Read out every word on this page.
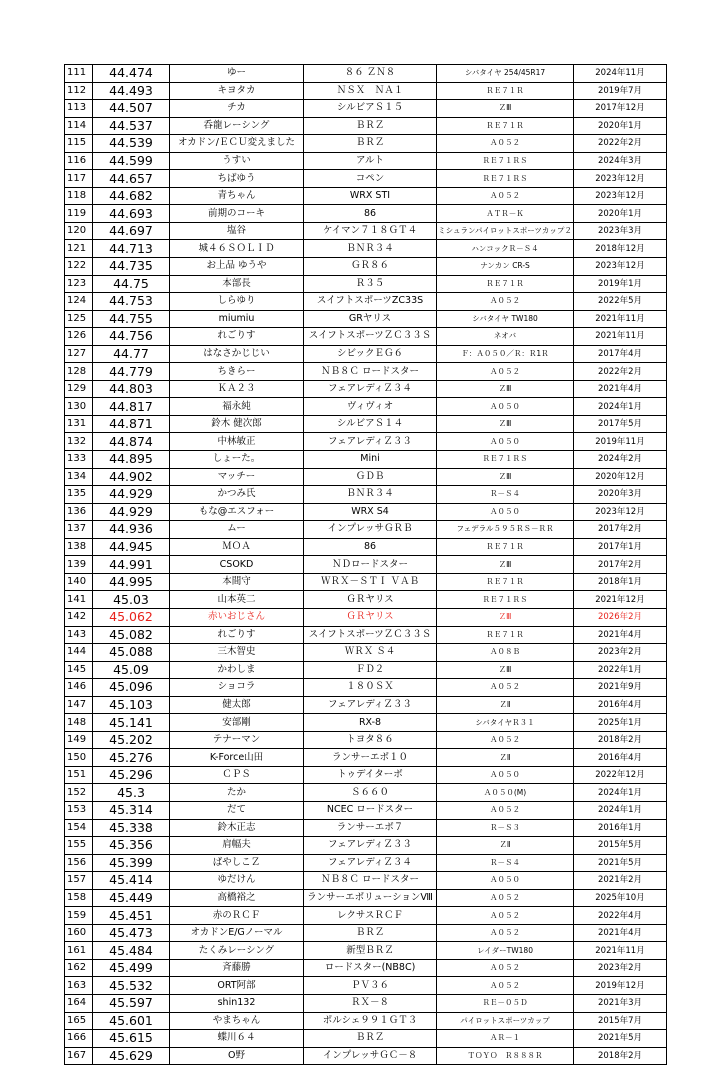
111	44.474	ゆー	８６ ＺＮ８	シバタイヤ 254/45R17	2024年11月
112	44.493	キヨタカ	ＮＳＸ　ＮＡ１	ＲＥ７１Ｒ	2019年7月
113	44.507	チカ	シルビアＳ１５	ＺⅢ	2017年12月
114	44.537	呑龍レーシング	ＢＲＺ	ＲＥ７１Ｒ	2020年1月
115	44.539	オカドン/ＥＣＵ変えました	ＢＲＺ	Ａ０５２	2022年2月
116	44.599	うすい	アルト	ＲＥ７１ＲＳ	2024年3月
117	44.657	ちばゆう	コペン	ＲＥ７１ＲＳ	2023年12月
118	44.682	青ちゃん	WRX STI	Ａ０５２	2023年12月
119	44.693	前期のコーキ	86	ＡＴＲ－Ｋ	2020年1月
120	44.697	塩谷	ケイマン７１８ＧＴ４	ミシュランパイロットスポーツカップ２	2023年3月
121	44.713	城４６ＳＯＬＩＤ	ＢＮＲ３４	ハンコックＲ－Ｓ４	2018年12月
122	44.735	お上品 ゆうや	ＧＲ８６	ナンカン CR-S	2023年12月
123	44.75	本部長	Ｒ３５	ＲＥ７１Ｒ	2019年1月
124	44.753	しらゆり	スイフトスポーツZC33S	Ａ０５２	2022年5月
125	44.755	miumiu	GRヤリス	シバタイヤ TW180	2021年11月
126	44.756	れごりす	スイフトスポーツＺＣ３３Ｓ	ネオバ	2021年11月
127	44.77	はなさかじじい	シビックＥＧ６	Ｆ：Ａ０５０／Ｒ：Ｒ1Ｒ	2017年4月
128	44.779	ちきらー	ＮＢ８Ｃ ロードスター	Ａ０５２	2022年2月
129	44.803	ＫＡ２３	フェアレディＺ３４	ＺⅢ	2021年4月
130	44.817	福永純	ヴィヴィオ	Ａ０５０	2024年1月
131	44.871	鈴木 健次郎	シルビアＳ１４	ＺⅢ	2017年5月
132	44.874	中林敏正	フェアレディＺ３３	Ａ０５０	2019年11月
133	44.895	しょーた。	Mini	ＲＥ７１ＲＳ	2024年2月
134	44.902	マッチー	ＧＤＢ	ＺⅢ	2020年12月
135	44.929	かつみ氏	ＢＮＲ３４	Ｒ－Ｓ４	2020年3月
136	44.929	もな@エスフォー	WRX S4	Ａ０５０	2023年12月
137	44.936	ムー	インプレッサＧＲＢ	フェデラル５９５ＲＳ－ＲＲ	2017年2月
138	44.945	ＭＯＡ	86	ＲＥ７１Ｒ	2017年1月
139	44.991	CSOKD	ＮＤロードスター	ＺⅢ	2017年2月
140	44.995	本間守	ＷＲＸ－ＳＴＩ ＶＡＢ	ＲＥ７１Ｒ	2018年1月
141	45.03	山本英二	ＧＲヤリス	ＲＥ７１ＲＳ	2021年12月
142	45.062	赤いおじさん	ＧＲヤリス	ＺⅢ	2026年2月
143	45.082	れごりす	スイフトスポーツＺＣ３３Ｓ	ＲＥ７１Ｒ	2021年4月
144	45.088	三木智史	ＷＲＸ Ｓ４	Ａ０８Ｂ	2023年2月
145	45.09	かわしま	ＦＤ２	ＺⅢ	2022年1月
146	45.096	ショコラ	１８０ＳＸ	Ａ０５２	2021年9月
147	45.103	健太郎	フェアレディＺ３３	ＺⅡ	2016年4月
148	45.141	安部剛	RX-8	シバタイヤＲ３１	2025年1月
149	45.202	テナーマン	トヨタ８６	Ａ０５２	2018年2月
150	45.276	K-Force山田	ランサーエボ１０	ＺⅡ	2016年4月
151	45.296	ＣＰＳ	トゥデイターボ	Ａ０５０	2022年12月
152	45.3	たか	Ｓ６６０	Ａ０５０(M)	2024年1月
153	45.314	だて	NCEC ロードスター	Ａ０５２	2024年1月
154	45.338	鈴木正志	ランサーエボ７	Ｒ－Ｓ３	2016年1月
155	45.356	肩幅夫	フェアレディＺ３３	ＺⅡ	2015年5月
156	45.399	ばやしこＺ	フェアレディＺ３４	Ｒ－Ｓ４	2021年5月
157	45.414	ゆだけん	ＮＢ８Ｃ ロードスター	Ａ０５０	2021年2月
158	45.449	高橋裕之	ランサーエボリューションⅧ	Ａ０５２	2025年10月
159	45.451	赤のＲＣＦ	レクサスＲＣＦ	Ａ０５２	2022年4月
160	45.473	オカドンE/Gノーマル	ＢＲＺ	Ａ０５２	2021年4月
161	45.484	たくみレーシング	新型ＢＲＺ	レイダーTW180	2021年11月
162	45.499	斉藤勝	ロードスター(NB8C)	Ａ０５２	2023年2月
163	45.532	ORT阿部	ＰＶ３６	Ａ０５２	2019年12月
164	45.597	shin132	ＲＸ－８	ＲＥ－０５Ｄ	2021年3月
165	45.601	やまちゃん	ポルシェ９９１ＧＴ３	パイロットスポーツカップ	2015年7月
166	45.615	蝶川６４	ＢＲＺ	ＡＲ－１	2021年5月
167	45.629	O野	インプレッサＧＣ－８	ＴＯＹＯ　Ｒ８８８Ｒ	2018年2月
